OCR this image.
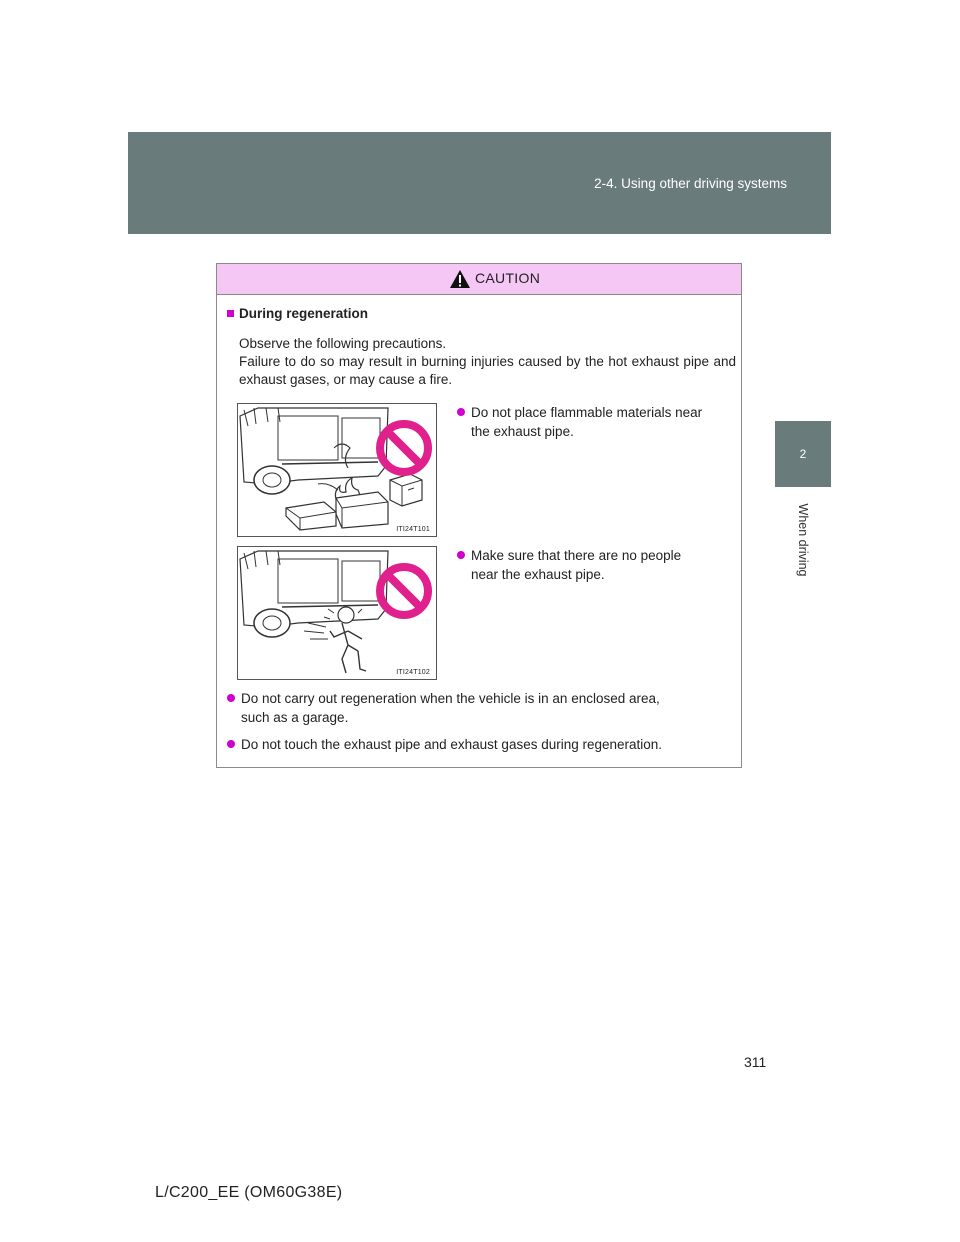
2-4. Using other driving systems
2
When driving
CAUTION
During regeneration
Observe the following precautions.
Failure to do so may result in burning injuries caused by the hot exhaust pipe and exhaust gases, or may cause a fire.
ITI24T101
Do not place flammable materials near
the exhaust pipe.
ITI24T102
Make sure that there are no people
near the exhaust pipe.
Do not carry out regeneration when the vehicle is in an enclosed area,
such as a garage.
Do not touch the exhaust pipe and exhaust gases during regeneration.
311
L/C200_EE (OM60G38E)
